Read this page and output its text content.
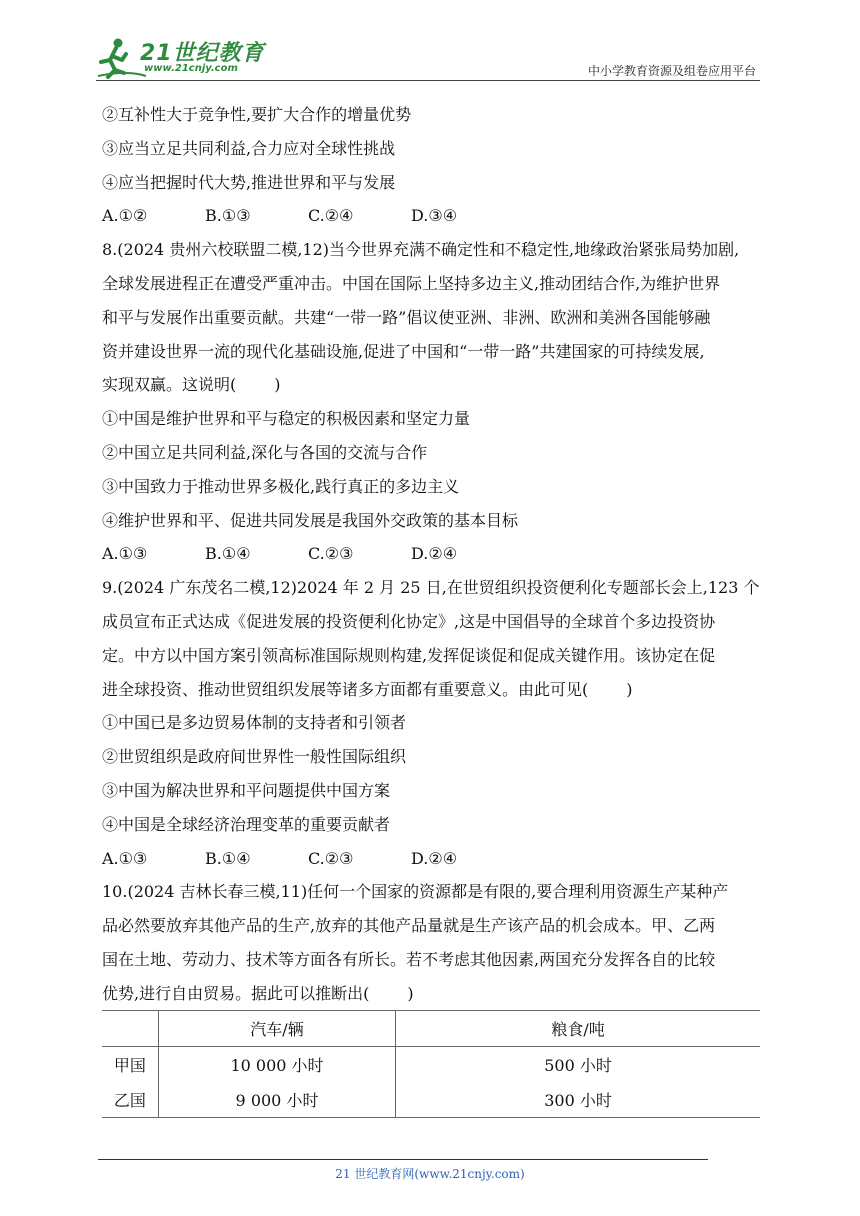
21世纪教育
www.21cnjy.com	中小学教育资源及组卷应用平台
②互补性大于竞争性,要扩大合作的增量优势
③应当立足共同利益,合力应对全球性挑战
④应当把握时代大势,推进世界和平与发展
A.①②	B.①③	C.②④	D.③④
8.(2024 贵州六校联盟二模,12)当今世界充满不确定性和不稳定性,地缘政治紧张局势加剧,
全球发展进程正在遭受严重冲击。中国在国际上坚持多边主义,推动团结合作,为维护世界
和平与发展作出重要贡献。共建“一带一路”倡议使亚洲、非洲、欧洲和美洲各国能够融
资并建设世界一流的现代化基础设施,促进了中国和“一带一路”共建国家的可持续发展,
实现双赢。这说明( )
①中国是维护世界和平与稳定的积极因素和坚定力量
②中国立足共同利益,深化与各国的交流与合作
③中国致力于推动世界多极化,践行真正的多边主义
④维护世界和平、促进共同发展是我国外交政策的基本目标
A.①③	B.①④	C.②③	D.②④
9.(2024 广东茂名二模,12)2024 年 2 月 25 日,在世贸组织投资便利化专题部长会上,123 个
成员宣布正式达成《促进发展的投资便利化协定》,这是中国倡导的全球首个多边投资协
定。中方以中国方案引领高标准国际规则构建,发挥促谈促和促成关键作用。该协定在促
进全球投资、推动世贸组织发展等诸多方面都有重要意义。由此可见( )
①中国已是多边贸易体制的支持者和引领者
②世贸组织是政府间世界性一般性国际组织
③中国为解决世界和平问题提供中国方案
④中国是全球经济治理变革的重要贡献者
A.①③	B.①④	C.②③	D.②④
10.(2024 吉林长春三模,11)任何一个国家的资源都是有限的,要合理利用资源生产某种产
品必然要放弃其他产品的生产,放弃的其他产品量就是生产该产品的机会成本。甲、乙两
国在土地、劳动力、技术等方面各有所长。若不考虑其他因素,两国充分发挥各自的比较
优势,进行自由贸易。据此可以推断出( )
	汽车/辆	粮食/吨
甲国	10 000 小时	500 小时
乙国	9 000 小时	300 小时
21 世纪教育网(www.21cnjy.com)
